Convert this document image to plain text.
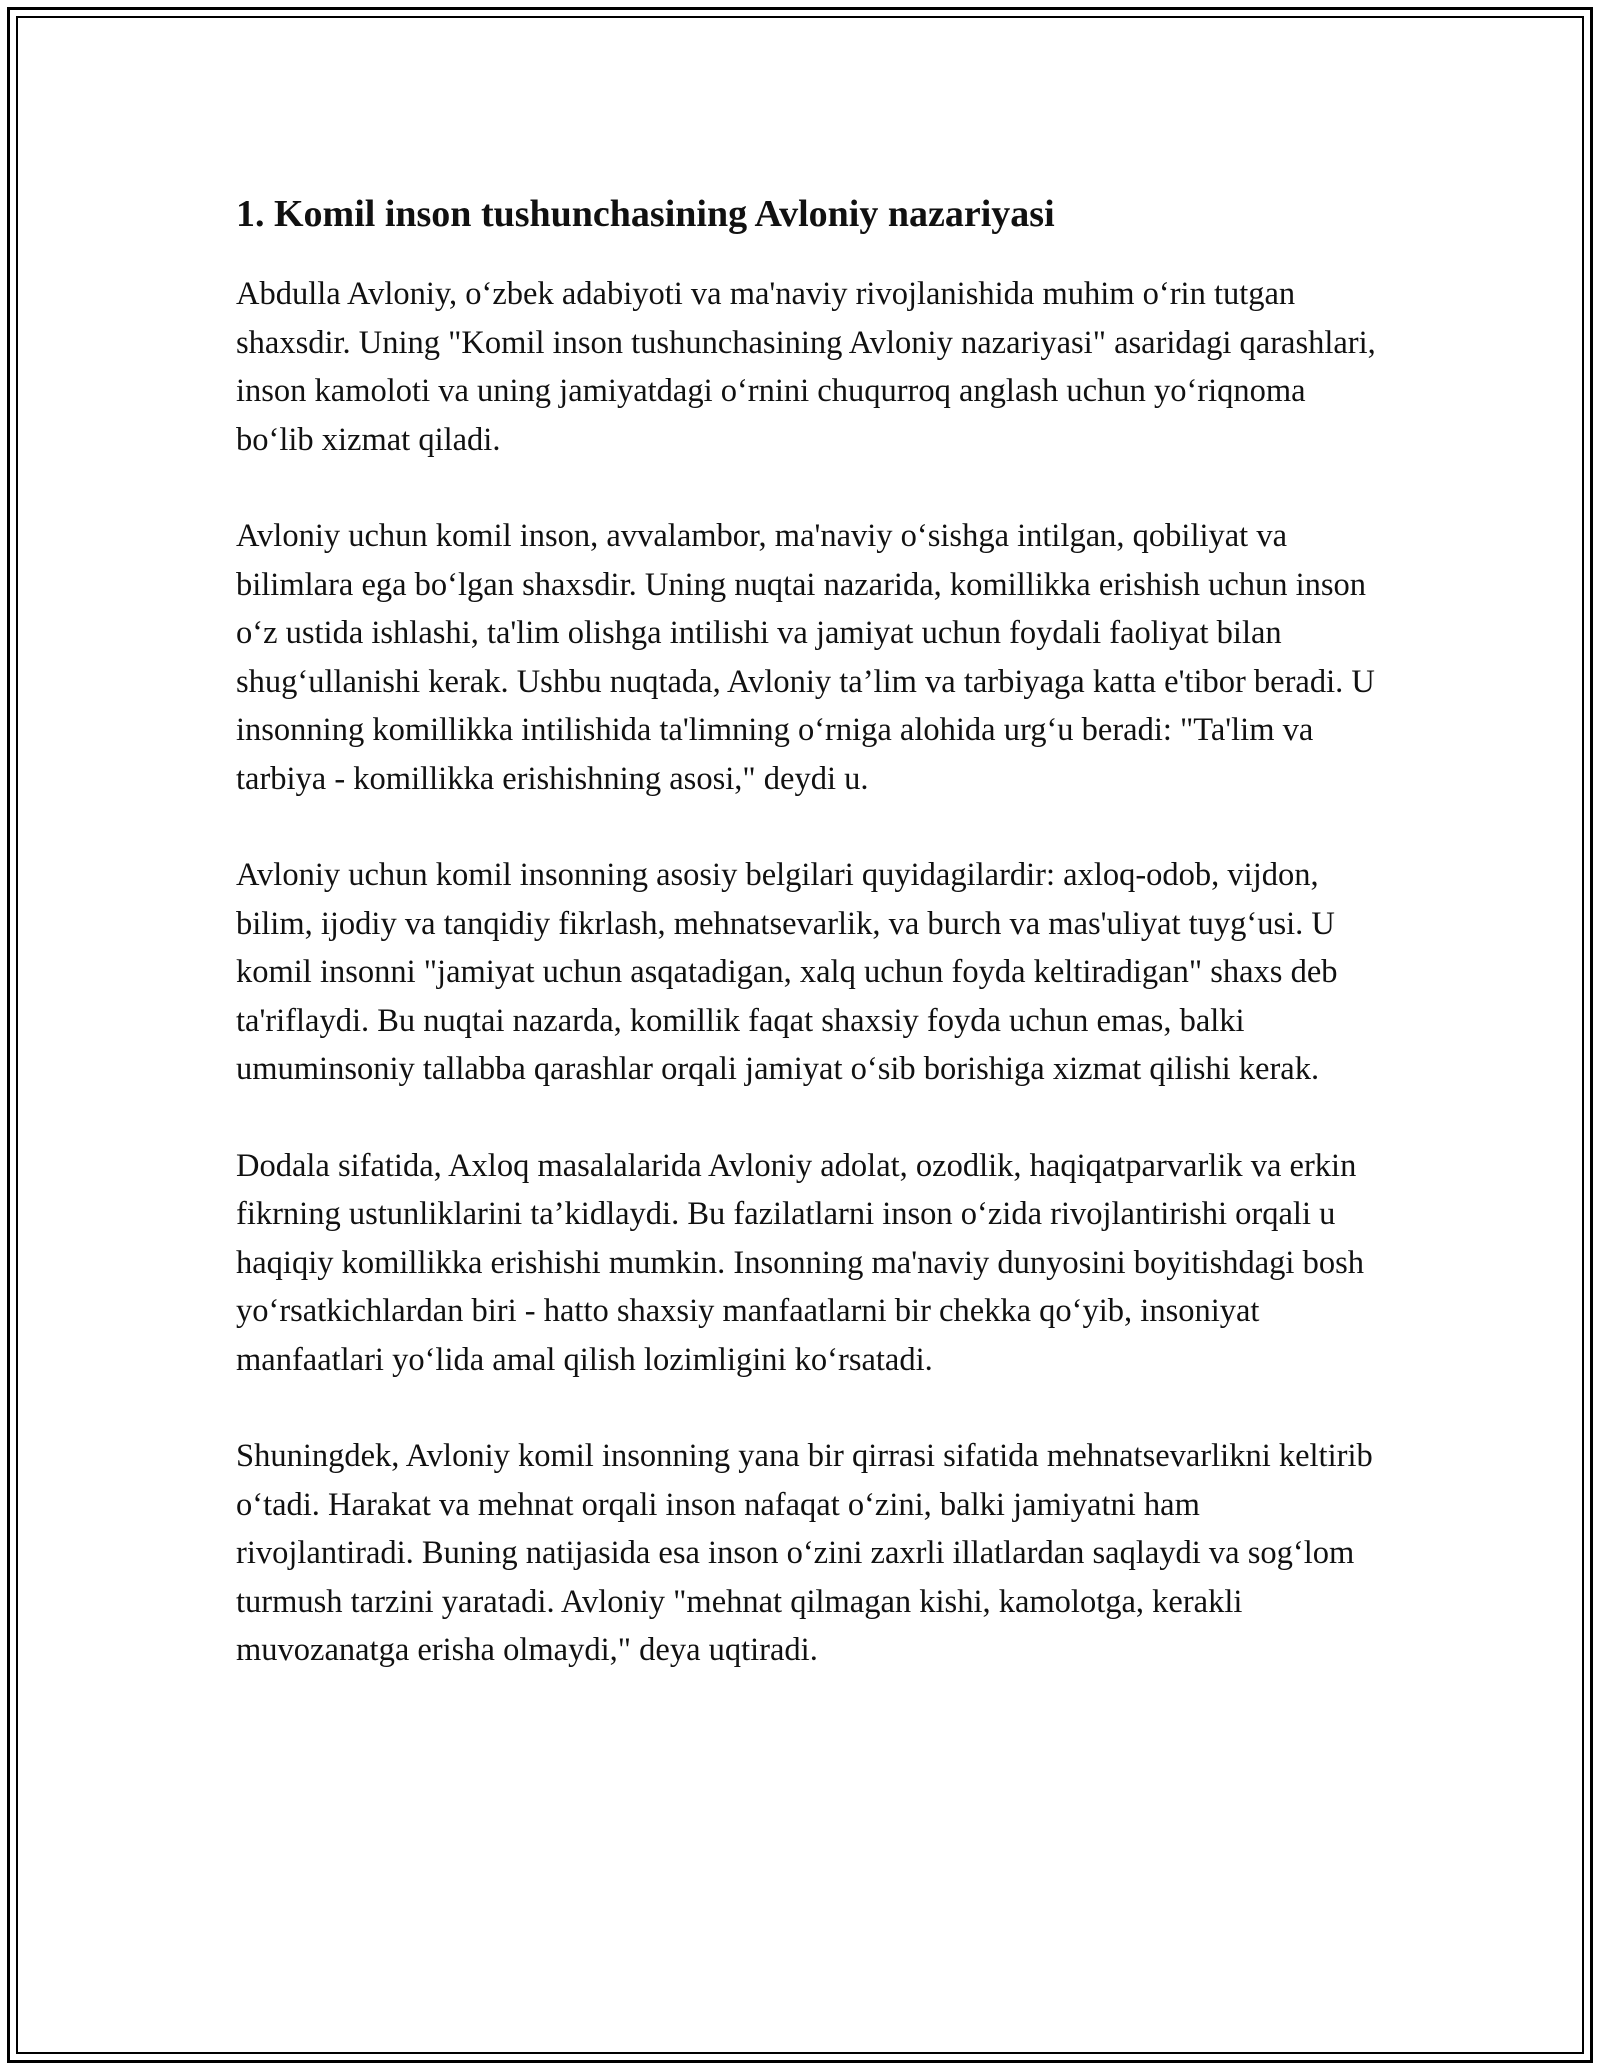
1. Komil inson tushunchasining Avloniy nazariyasi

Abdulla Avloniy, o‘zbek adabiyoti va ma'naviy rivojlanishida muhim o‘rin tutgan shaxsdir. Uning "Komil inson tushunchasining Avloniy nazariyasi" asaridagi qarashlari, inson kamoloti va uning jamiyatdagi o‘rnini chuqurroq anglash uchun yo‘riqnoma bo‘lib xizmat qiladi.

Avloniy uchun komil inson, avvalambor, ma'naviy o‘sishga intilgan, qobiliyat va bilimlara ega bo‘lgan shaxsdir. Uning nuqtai nazarida, komillikka erishish uchun inson o‘z ustida ishlashi, ta'lim olishga intilishi va jamiyat uchun foydali faoliyat bilan shug‘ullanishi kerak. Ushbu nuqtada, Avloniy ta’lim va tarbiyaga katta e'tibor beradi. U insonning komillikka intilishida ta'limning o‘rniga alohida urg‘u beradi: "Ta'lim va tarbiya - komillikka erishishning asosi," deydi u.

Avloniy uchun komil insonning asosiy belgilari quyidagilardir: axloq-odob, vijdon, bilim, ijodiy va tanqidiy fikrlash, mehnatsevarlik, va burch va mas'uliyat tuyg‘usi. U komil insonni "jamiyat uchun asqatadigan, xalq uchun foyda keltiradigan" shaxs deb ta'riflaydi. Bu nuqtai nazarda, komillik faqat shaxsiy foyda uchun emas, balki umuminsoniy tallabba qarashlar orqali jamiyat o‘sib borishiga xizmat qilishi kerak.

Dodala sifatida, Axloq masalalarida Avloniy adolat, ozodlik, haqiqatparvarlik va erkin fikrning ustunliklarini ta’kidlaydi. Bu fazilatlarni inson o‘zida rivojlantirishi orqali u haqiqiy komillikka erishishi mumkin. Insonning ma'naviy dunyosini boyitishdagi bosh yo‘rsatkichlardan biri - hatto shaxsiy manfaatlarni bir chekka qo‘yib, insoniyat manfaatlari yo‘lida amal qilish lozimligini ko‘rsatadi.

Shuningdek, Avloniy komil insonning yana bir qirrasi sifatida mehnatsevarlikni keltirib o‘tadi. Harakat va mehnat orqali inson nafaqat o‘zini, balki jamiyatni ham rivojlantiradi. Buning natijasida esa inson o‘zini zaxrli illatlardan saqlaydi va sog‘lom turmush tarzini yaratadi. Avloniy "mehnat qilmagan kishi, kamolotga, kerakli muvozanatga erisha olmaydi," deya uqtiradi.
